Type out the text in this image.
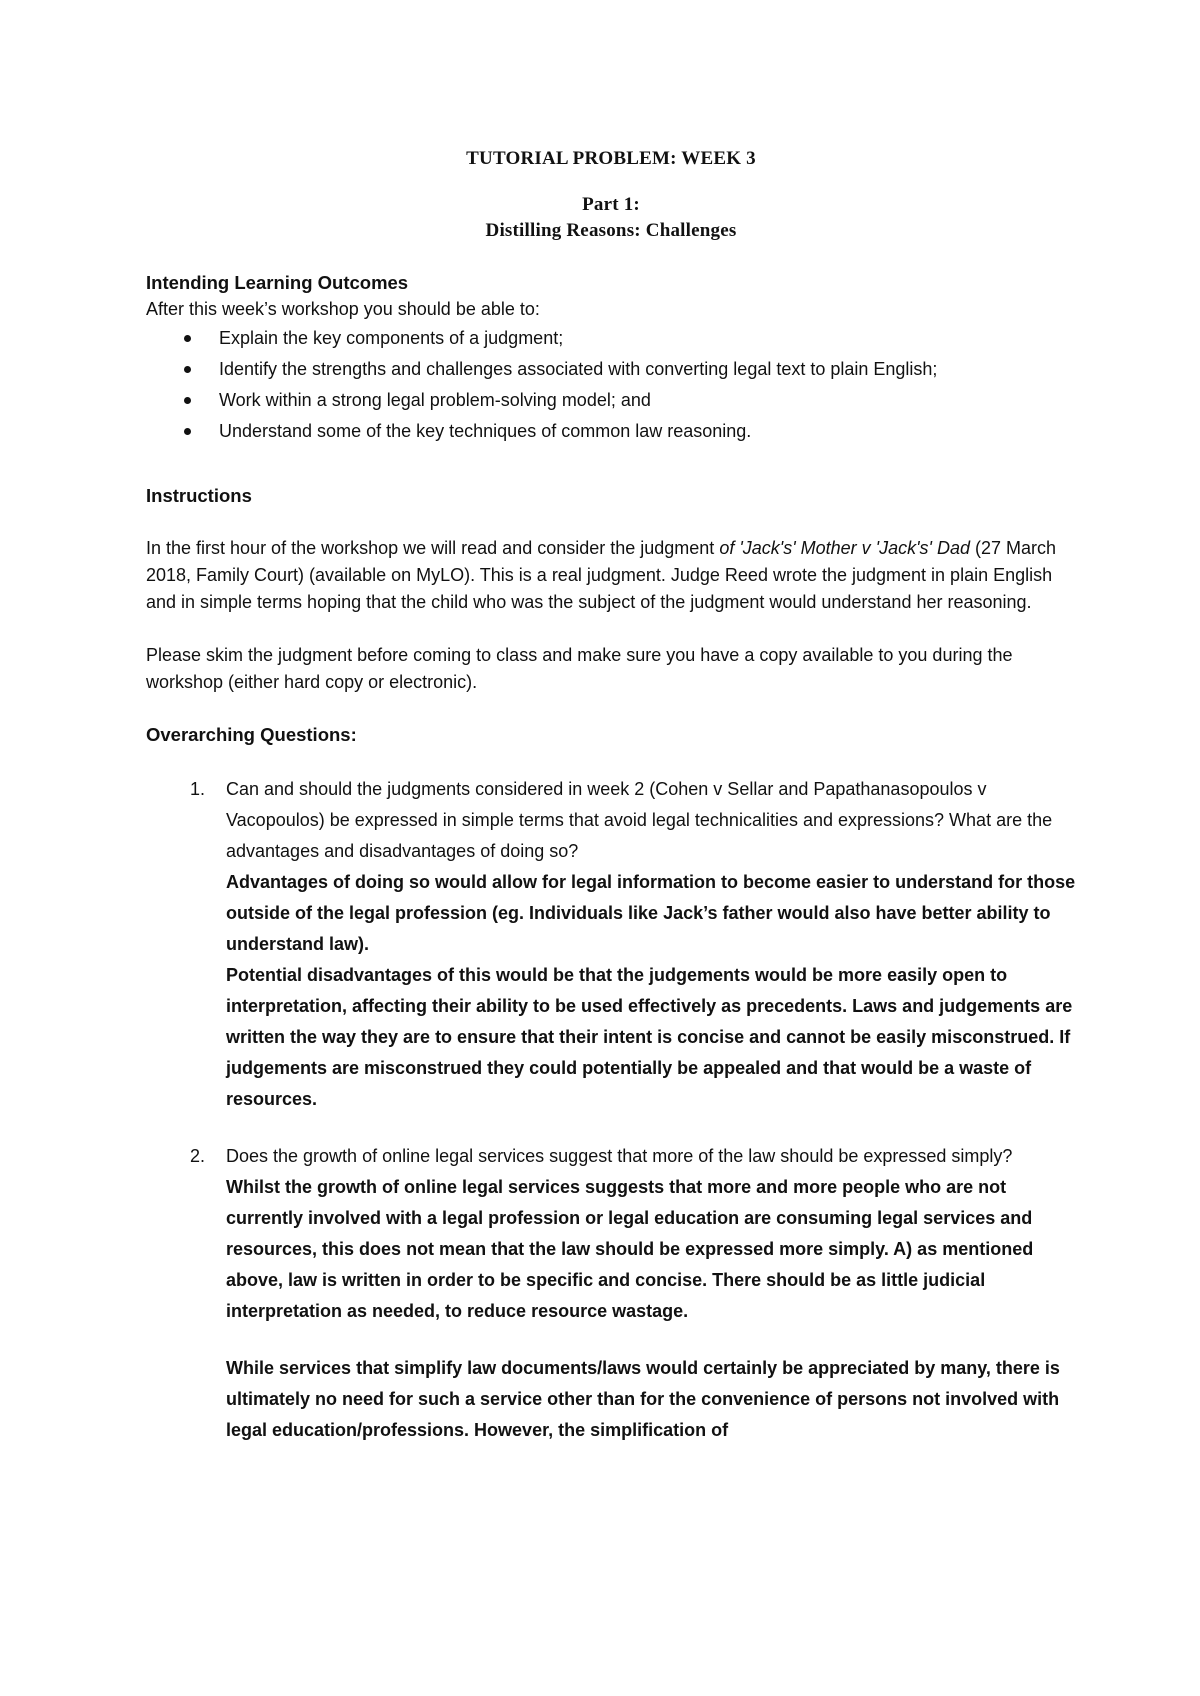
TUTORIAL PROBLEM: WEEK 3

Part 1:

Distilling Reasons: Challenges

Intending Learning Outcomes

After this week’s workshop you should be able to:

Explain the key components of a judgment;
Identify the strengths and challenges associated with converting legal text to plain English;
Work within a strong legal problem-solving model; and
Understand some of the key techniques of common law reasoning.

Instructions

In the first hour of the workshop we will read and consider the judgment of 'Jack's' Mother v 'Jack's' Dad (27 March 2018, Family Court) (available on MyLO). This is a real judgment. Judge Reed wrote the judgment in plain English and in simple terms hoping that the child who was the subject of the judgment would understand her reasoning.

Please skim the judgment before coming to class and make sure you have a copy available to you during the workshop (either hard copy or electronic).

Overarching Questions:

1. Can and should the judgments considered in week 2 (Cohen v Sellar and Papathanasopoulos v Vacopoulos) be expressed in simple terms that avoid legal technicalities and expressions? What are the advantages and disadvantages of doing so?

Advantages of doing so would allow for legal information to become easier to understand for those outside of the legal profession (eg. Individuals like Jack’s father would also have better ability to understand law).

Potential disadvantages of this would be that the judgements would be more easily open to interpretation, affecting their ability to be used effectively as precedents. Laws and judgements are written the way they are to ensure that their intent is concise and cannot be easily misconstrued. If judgements are misconstrued they could potentially be appealed and that would be a waste of resources.

2. Does the growth of online legal services suggest that more of the law should be expressed simply?

Whilst the growth of online legal services suggests that more and more people who are not currently involved with a legal profession or legal education are consuming legal services and resources, this does not mean that the law should be expressed more simply. A) as mentioned above, law is written in order to be specific and concise. There should be as little judicial interpretation as needed, to reduce resource wastage.

While services that simplify law documents/laws would certainly be appreciated by many, there is ultimately no need for such a service other than for the convenience of persons not involved with legal education/professions. However, the simplification of
